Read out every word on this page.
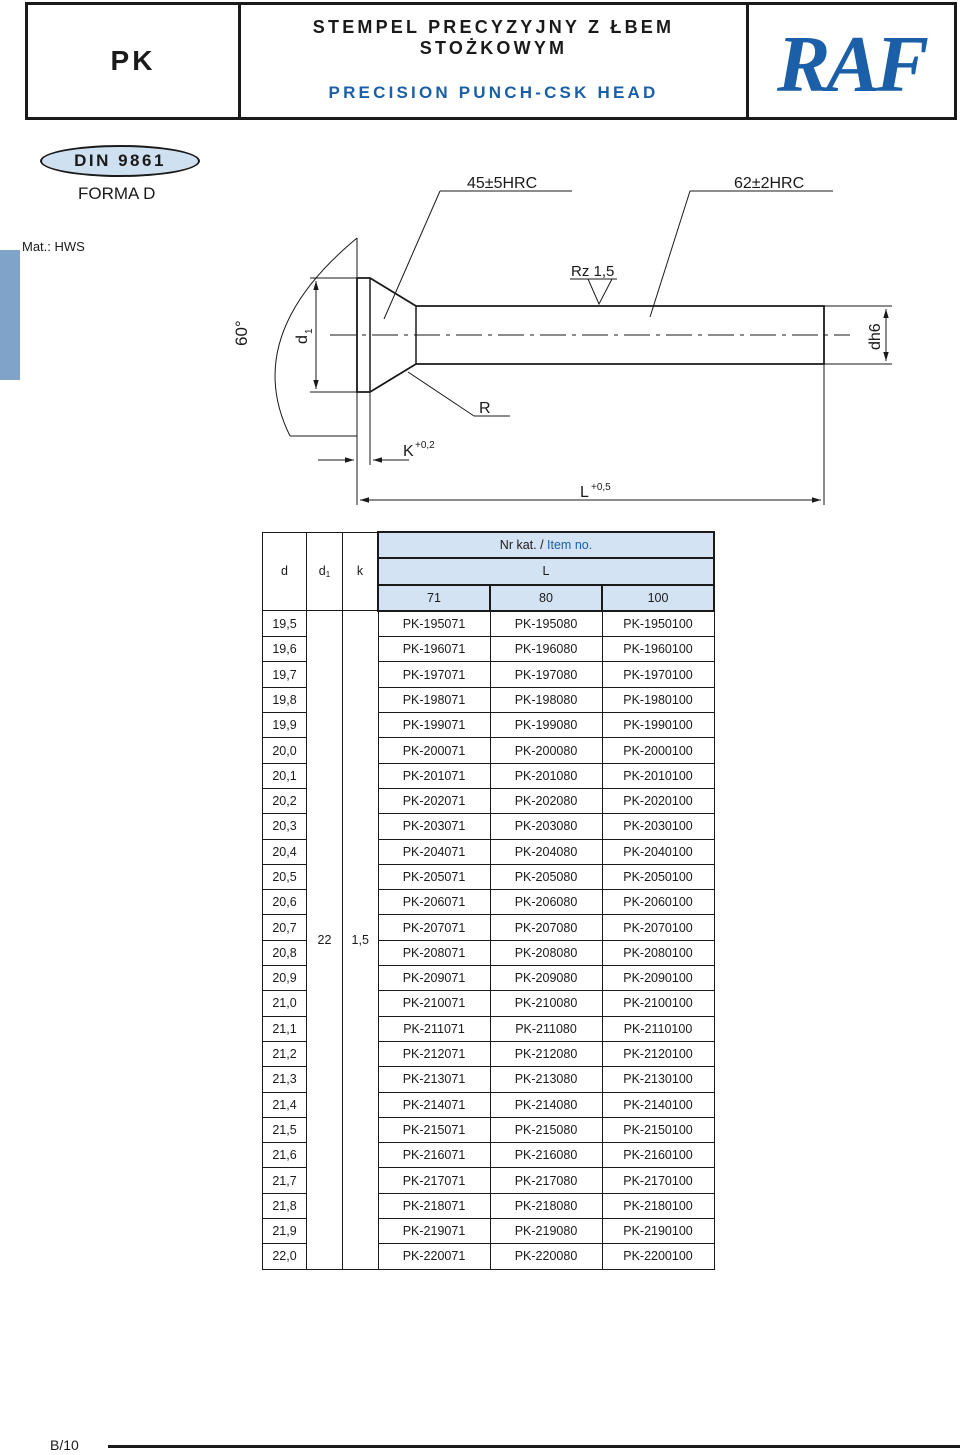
PK
STEMPEL PRECYZYJNY Z ŁBEM STOŻKOWYM
PRECISION PUNCH-CSK HEAD	RAF
DIN 9861
FORMA D
Mat.: HWS
45±5HRC	62±2HRC
Rz 1,5
60°	d
1	dh6
R
K +0,2
L +0,5
d	$d_1$	k	Nr kat. / Item no.		
			L		
			71	80	100
19,5	22	1,5	PK-195071	PK-195080	PK-1950100
19,6			PK-196071	PK-196080	PK-1960100
19,7			PK-197071	PK-197080	PK-1970100
19,8			PK-198071	PK-198080	PK-1980100
19,9			PK-199071	PK-199080	PK-1990100
20,0			PK-200071	PK-200080	PK-2000100
20,1			PK-201071	PK-201080	PK-2010100
20,2			PK-202071	PK-202080	PK-2020100
20,3			PK-203071	PK-203080	PK-2030100
20,4			PK-204071	PK-204080	PK-2040100
20,5			PK-205071	PK-205080	PK-2050100
20,6			PK-206071	PK-206080	PK-2060100
20,7			PK-207071	PK-207080	PK-2070100
20,8			PK-208071	PK-208080	PK-2080100
20,9			PK-209071	PK-209080	PK-2090100
21,0			PK-210071	PK-210080	PK-2100100
21,1			PK-211071	PK-211080	PK-2110100
21,2			PK-212071	PK-212080	PK-2120100
21,3			PK-213071	PK-213080	PK-2130100
21,4			PK-214071	PK-214080	PK-2140100
21,5			PK-215071	PK-215080	PK-2150100
21,6			PK-216071	PK-216080	PK-2160100
21,7			PK-217071	PK-217080	PK-2170100
21,8			PK-218071	PK-218080	PK-2180100
21,9			PK-219071	PK-219080	PK-2190100
22,0			PK-220071	PK-220080	PK-2200100
B/10
